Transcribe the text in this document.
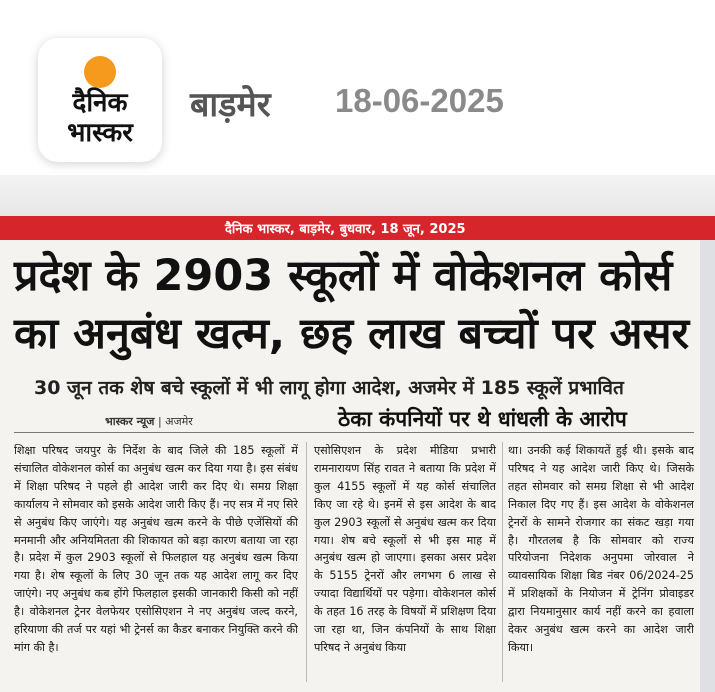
दैनिक भास्कर
बाड़मेर 18-06-2025
दैनिक भास्कर, बाड़मेर, बुधवार, 18 जून, 2025
प्रदेश के 2903 स्कूलों में वोकेशनल कोर्स
का अनुबंध खत्म, छह लाख बच्चों पर असर
30 जून तक शेष बचे स्कूलों में भी लागू होगा आदेश, अजमेर में 185 स्कूलें प्रभावित
भास्कर न्यूज | अजमेर	ठेका कंपनियों पर थे धांधली के आरोप
शिक्षा परिषद जयपुर के निर्देश के बाद जिले की 185 स्कूलों में संचालित वोकेशनल कोर्स का अनुबंध खत्म कर दिया गया है। इस संबंध में शिक्षा परिषद ने पहले ही आदेश जारी कर दिए थे। समग्र शिक्षा कार्यालय ने सोमवार को इसके आदेश जारी किए हैं। नए सत्र में नए सिरे से अनुबंध किए जाएंगे। यह अनुबंध खत्म करने के पीछे एजेंसियों की मनमानी और अनियमितता की शिकायत को बड़ा कारण बताया जा रहा है। प्रदेश में कुल 2903 स्कूलों से फिलहाल यह अनुबंध खत्म किया गया है। शेष स्कूलों के लिए 30 जून तक यह आदेश लागू कर दिए जाएंगे। नए अनुबंध कब होंगे फिलहाल इसकी जानकारी किसी को नहीं है। वोकेशनल ट्रेनर वेलफेयर एसोसिएशन ने नए अनुबंध जल्द करने, हरियाणा की तर्ज पर यहां भी ट्रेनर्स का कैडर बनाकर नियुक्ति करने की मांग की है।
एसोसिएशन के प्रदेश मीडिया प्रभारी रामनारायण सिंह रावत ने बताया कि प्रदेश में कुल 4155 स्कूलों में यह कोर्स संचालित किए जा रहे थे। इनमें से इस आदेश के बाद कुल 2903 स्कूलों से अनुबंध खत्म कर दिया गया। शेष बचे स्कूलों से भी इस माह में अनुबंध खत्म हो जाएगा। इसका असर प्रदेश के 5155 ट्रेनरों और लगभग 6 लाख से ज्यादा विद्यार्थियों पर पड़ेगा। वोकेशनल कोर्स के तहत 16 तरह के विषयों में प्रशिक्षण दिया जा रहा था, जिन कंपनियों के साथ शिक्षा परिषद ने अनुबंध किया
था। उनकी कई शिकायतें हुई थी। इसके बाद परिषद ने यह आदेश जारी किए थे। जिसके तहत सोमवार को समग्र शिक्षा से भी आदेश निकाल दिए गए हैं। इस आदेश के वोकेशनल ट्रेनरों के सामने रोजगार का संकट खड़ा गया है। गौरतलब है कि सोमवार को राज्य परियोजना निदेशक अनुपमा जोरवाल ने व्यावसायिक शिक्षा बिड नंबर 06/2024-25 में प्रशिक्षकों के नियोजन में ट्रेनिंग प्रोवाइडर द्वारा नियमानुसार कार्य नहीं करने का हवाला देकर अनुबंध खत्म करने का आदेश जारी किया।
